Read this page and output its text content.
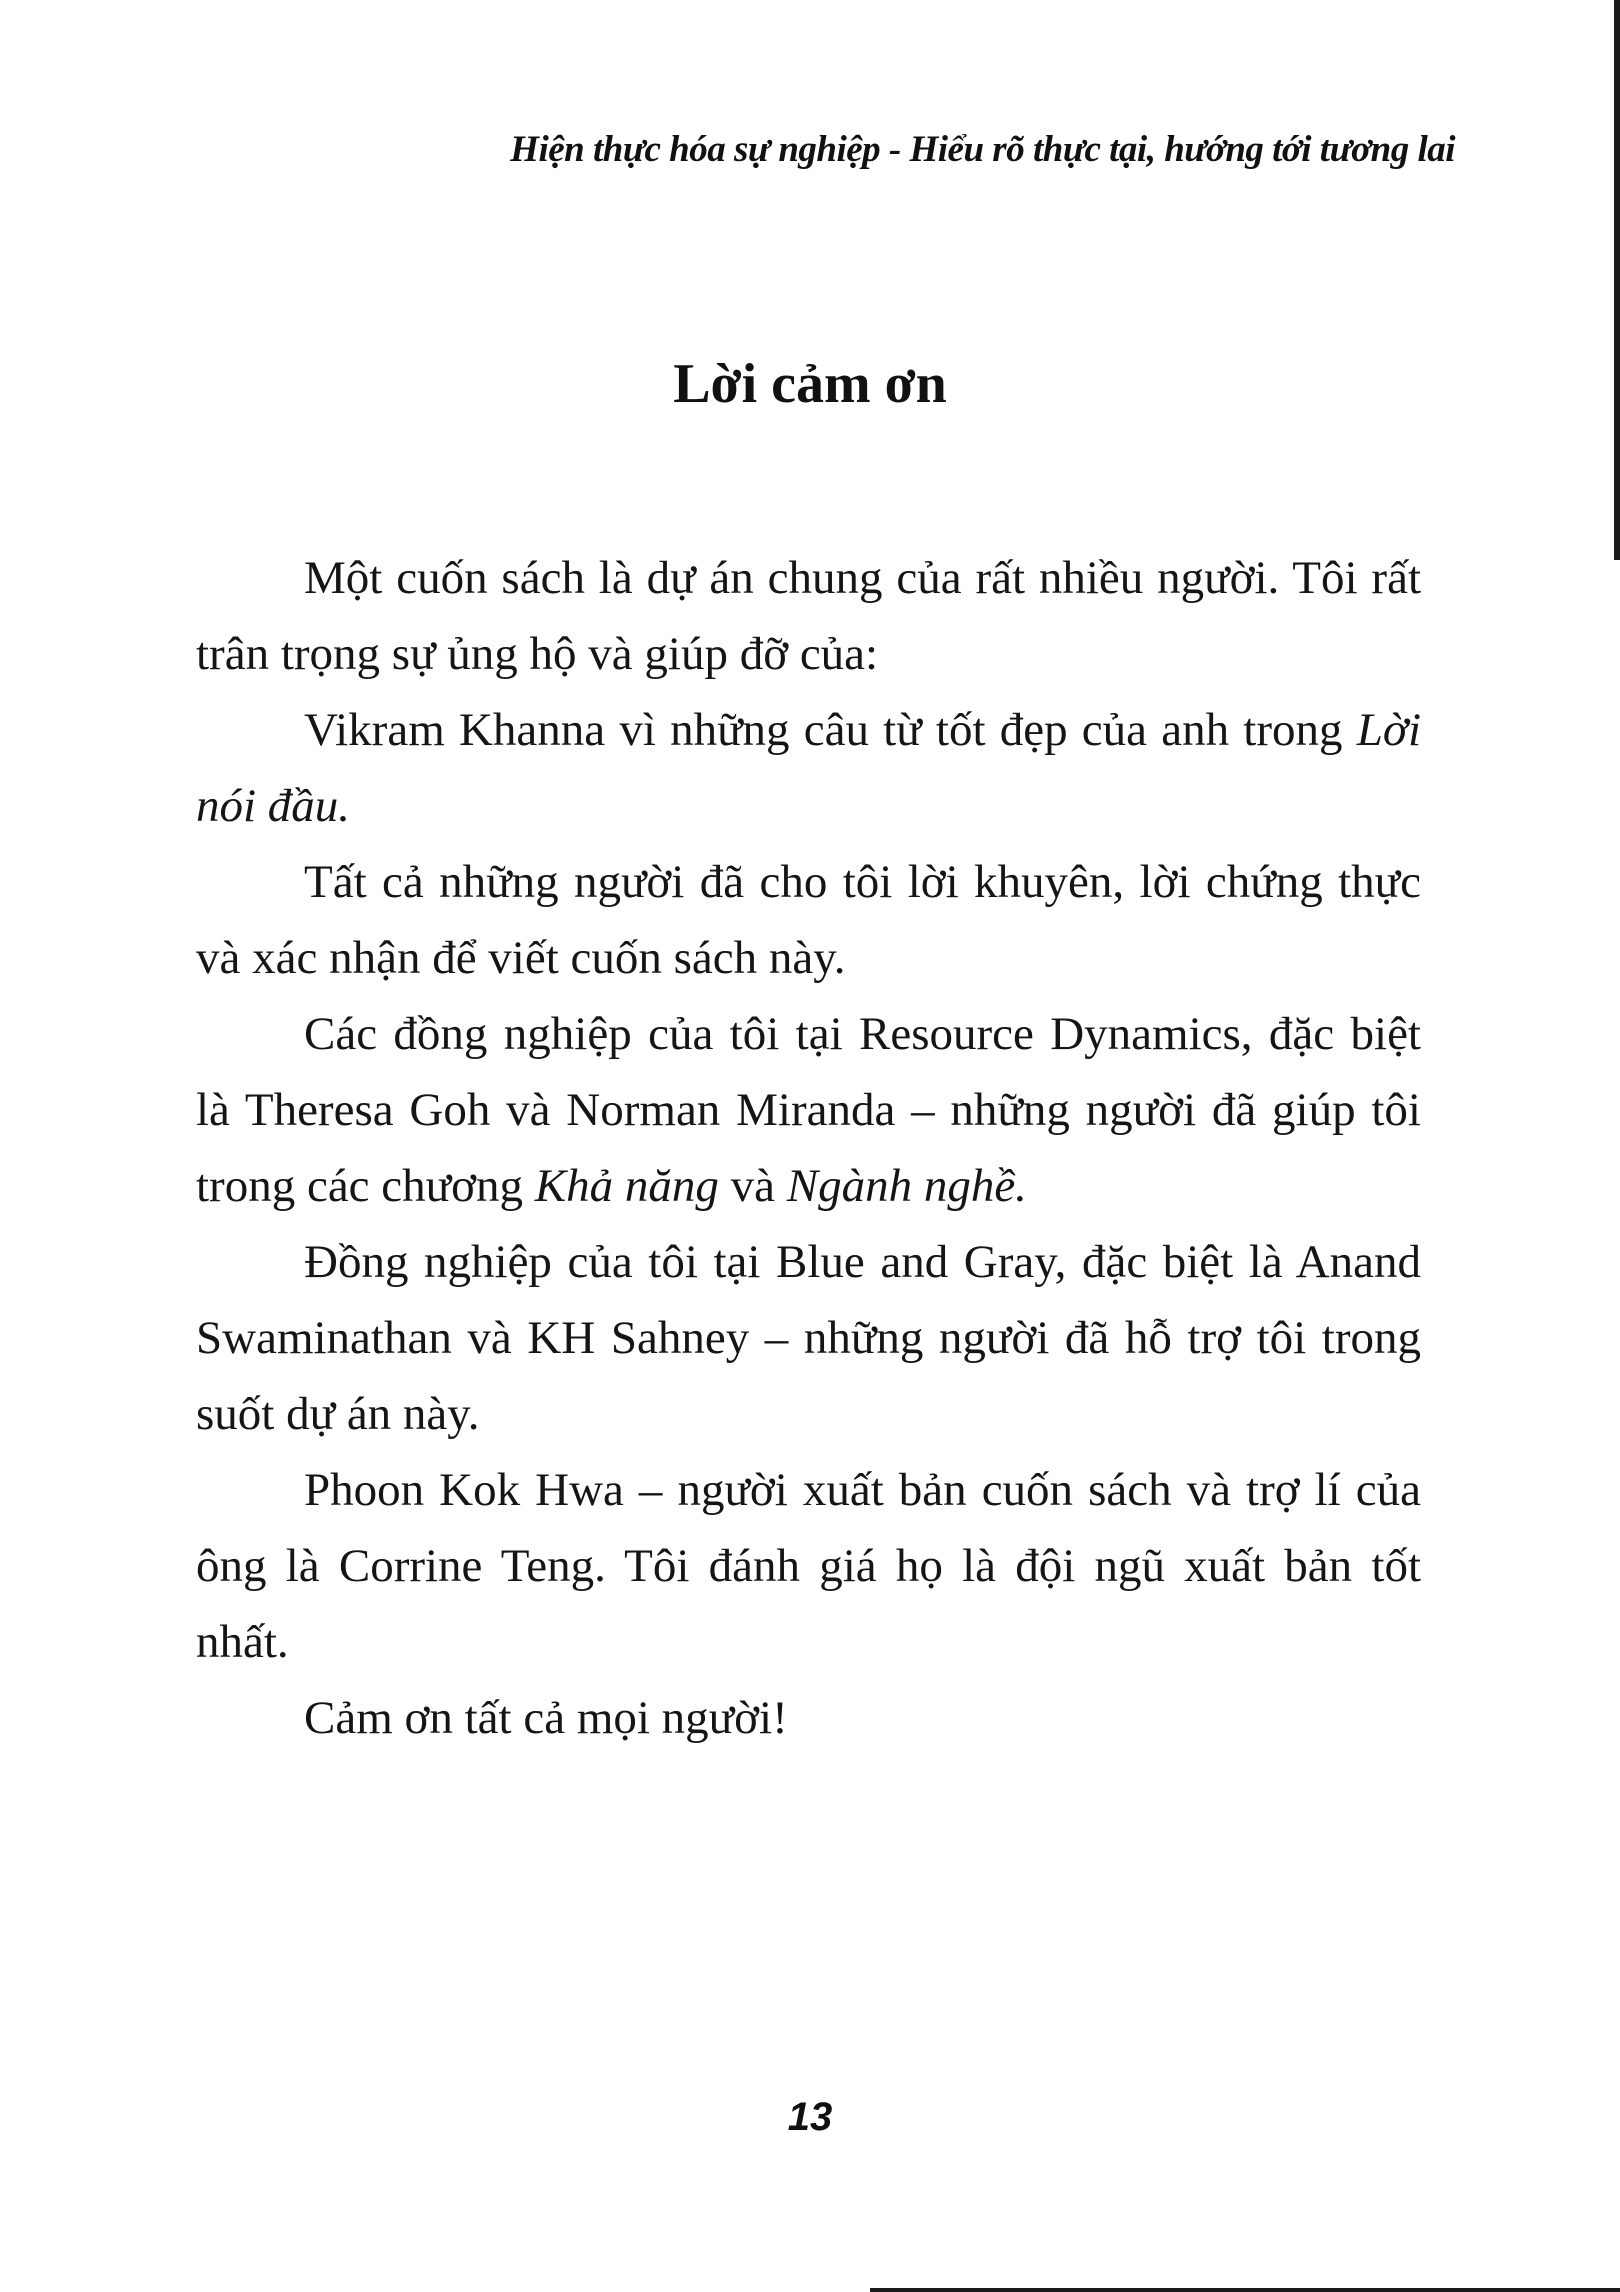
Hiện thực hóa sự nghiệp - Hiểu rõ thực tại, hướng tới tương lai
Lời cảm ơn

Một cuốn sách là dự án chung của rất nhiều người. Tôi rất trân trọng sự ủng hộ và giúp đỡ của:

Vikram Khanna vì những câu từ tốt đẹp của anh trong Lời nói đầu.

Tất cả những người đã cho tôi lời khuyên, lời chứng thực và xác nhận để viết cuốn sách này.

Các đồng nghiệp của tôi tại Resource Dynamics, đặc biệt là Theresa Goh và Norman Miranda – những người đã giúp tôi trong các chương Khả năng và Ngành nghề.

Đồng nghiệp của tôi tại Blue and Gray, đặc biệt là Anand Swaminathan và KH Sahney – những người đã hỗ trợ tôi trong suốt dự án này.

Phoon Kok Hwa – người xuất bản cuốn sách và trợ lí của ông là Corrine Teng. Tôi đánh giá họ là đội ngũ xuất bản tốt nhất.

Cảm ơn tất cả mọi người!

13
